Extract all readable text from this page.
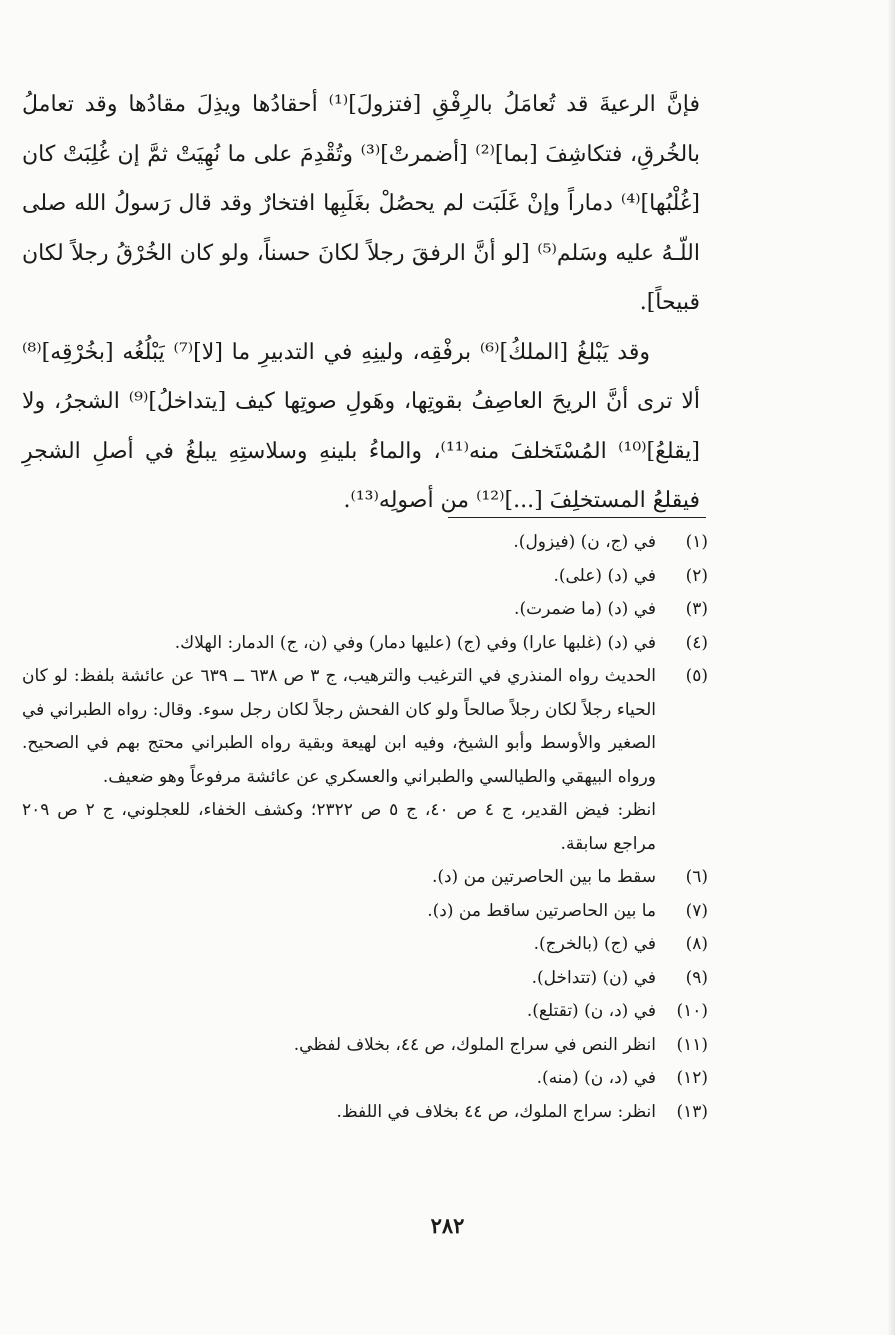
فإنَّ الرعيةَ قد تُعامَلُ بالرِفْقِ [فتزولَ]⁽¹⁾ أحقادُها ويذِلَ مقادُها وقد تعاملُ بالخُرقِ، فتكاشِفَ [بما]⁽²⁾ [أضمرتْ]⁽³⁾ وتُقْدِمَ على ما نُهِيَتْ ثمَّ إن غُلِبَتْ كان [غُلْبُها]⁽⁴⁾ دماراً وإنْ غَلَبَت لم يحصُلْ بغَلَبِها افتخارٌ وقد قال رَسولُ الله صلى اللّـهُ عليه وسَلم⁽⁵⁾ [لو أنَّ الرفقَ رجلاً لكانَ حسناً، ولو كان الخُرْقُ رجلاً لكان قبيحاً].

وقد يَبْلغُ [الملكُ]⁽⁶⁾ برفْقِه، ولينِهِ في التدبيرِ ما [لا]⁽⁷⁾ يَبْلُغُه [بخُرْقِه]⁽⁸⁾ ألا ترى أنَّ الريحَ العاصِفُ بقوتِها، وهَولِ صوتِها كيف [يتداخلُ]⁽⁹⁾ الشجرُ، ولا [يقلعُ]⁽¹⁰⁾ المُسْتَخلفَ منه⁽¹¹⁾، والماءُ بلينهِ وسلاستِهِ يبلغُ في أصلِ الشجرِ فيقلعُ المستخلِفَ [...]⁽¹²⁾ من أصولِه⁽¹³⁾.

(١)
في (ج، ن) (فيزول).
(٢)
في (د) (على).
(٣)
في (د) (ما ضمرت).
(٤)
في (د) (غلبها عارا) وفي (ج) (عليها دمار) وفي (ن، ج) الدمار: الهلاك.
(٥)
الحديث رواه المنذري في الترغيب والترهيب، ج ٣ ص ٦٣٨ ــ ٦٣٩ عن عائشة بلفظ: لو كان الحياء رجلاً لكان رجلاً صالحاً ولو كان الفحش رجلاً لكان رجل سوء. وقال: رواه الطبراني في الصغير والأوسط وأبو الشيخ، وفيه ابن لهيعة وبقية رواه الطبراني محتج بهم في الصحيح. ورواه البيهقي والطيالسي والطبراني والعسكري عن عائشة مرفوعاً وهو ضعيف.
انظر: فيض القدير، ج ٤ ص ٤٠، ج ٥ ص ٢٣٢٢؛ وكشف الخفاء، للعجلوني، ج ٢ ص ٢٠٩ مراجع سابقة.
(٦)
سقط ما بين الحاصرتين من (د).
(٧)
ما بين الحاصرتين ساقط من (د).
(٨)
في (ج) (بالخرج).
(٩)
في (ن) (تتداخل).
(١٠)
في (د، ن) (تقتلع).
(١١)
انظر النص في سراج الملوك، ص ٤٤، بخلاف لفظي.
(١٢)
في (د، ن) (منه).
(١٣)
انظر: سراج الملوك، ص ٤٤ بخلاف في اللفظ.
٢٨٢
